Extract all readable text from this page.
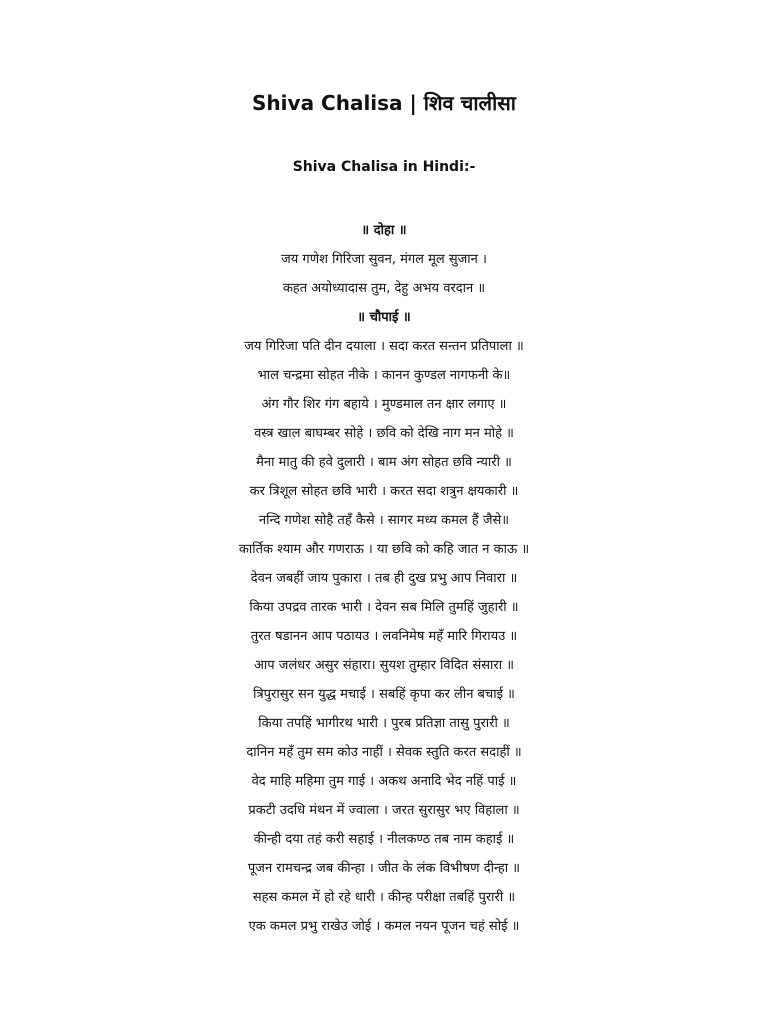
Shiva Chalisa | शिव चालीसा
Shiva Chalisa in Hindi:-
॥ दोहा ॥
जय गणेश गिरिजा सुवन, मंगल मूल सुजान ।
कहत अयोध्यादास तुम, देहु अभय वरदान ॥
॥ चौपाई ॥
जय गिरिजा पति दीन दयाला । सदा करत सन्तन प्रतिपाला ॥
भाल चन्द्रमा सोहत नीके । कानन कुण्डल नागफनी के॥
अंग गौर शिर गंग बहाये । मुण्डमाल तन क्षार लगाए ॥
वस्त्र खाल बाघम्बर सोहे । छवि को देखि नाग मन मोहे ॥
मैना मातु की हवे दुलारी । बाम अंग सोहत छवि न्यारी ॥
कर त्रिशूल सोहत छवि भारी । करत सदा शत्रुन क्षयकारी ॥
नन्दि गणेश सोहै तहँ कैसे । सागर मध्य कमल हैं जैसे॥
कार्तिक श्याम और गणराऊ । या छवि को कहि जात न काऊ ॥
देवन जबहीं जाय पुकारा । तब ही दुख प्रभु आप निवारा ॥
किया उपद्रव तारक भारी । देवन सब मिलि तुमहिं जुहारी ॥
तुरत षडानन आप पठायउ । लवनिमेष महँ मारि गिरायउ ॥
आप जलंधर असुर संहारा। सुयश तुम्हार विदित संसारा ॥
त्रिपुरासुर सन युद्ध मचाई । सबहिं कृपा कर लीन बचाई ॥
किया तपहिं भागीरथ भारी । पुरब प्रतिज्ञा तासु पुरारी ॥
दानिन महँ तुम सम कोउ नाहीं । सेवक स्तुति करत सदाहीं ॥
वेद माहि महिमा तुम गाई । अकथ अनादि भेद नहिं पाई ॥
प्रकटी उदधि मंथन में ज्वाला । जरत सुरासुर भए विहाला ॥
कीन्ही दया तहं करी सहाई । नीलकण्ठ तब नाम कहाई ॥
पूजन रामचन्द्र जब कीन्हा । जीत के लंक विभीषण दीन्हा ॥
सहस कमल में हो रहे धारी । कीन्ह परीक्षा तबहिं पुरारी ॥
एक कमल प्रभु राखेउ जोई । कमल नयन पूजन चहं सोई ॥
